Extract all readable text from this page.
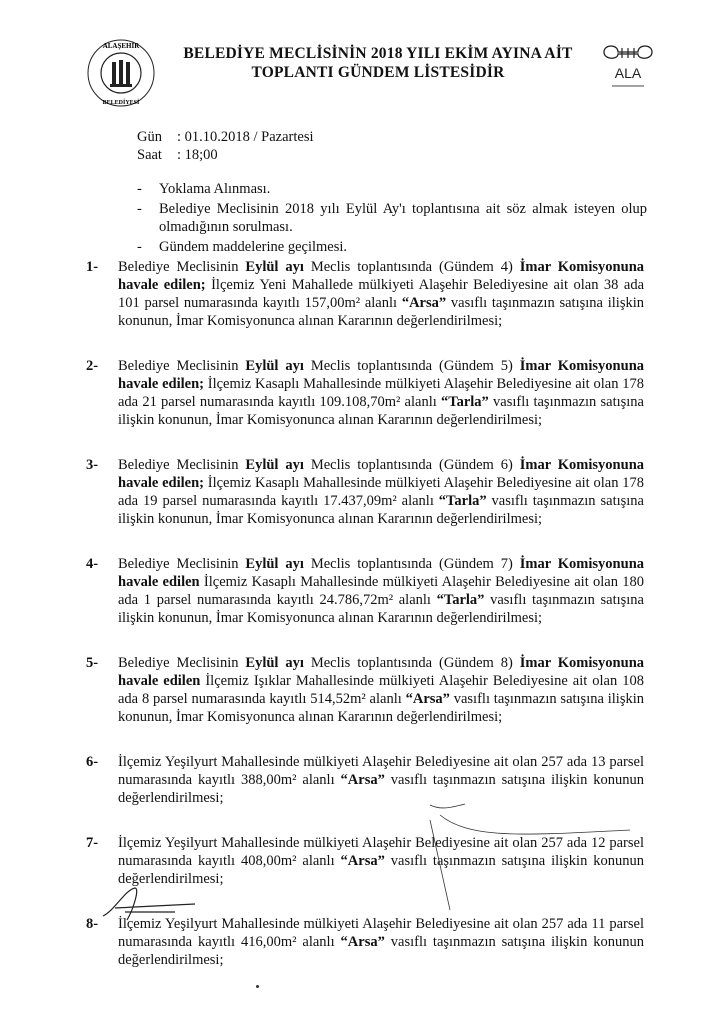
ALAŞEHİR
BELEDİYESİ
BELEDİYE MECLİSİNİN 2018 YILI EKİM AYINA AİT
TOPLANTI GÜNDEM LİSTESİDİR	ALA
Gün	: 01.10.2018 / Pazartesi
Saat	: 18;00
-	Yoklama Alınması.
-	Belediye Meclisinin 2018 yılı Eylül Ay'ı toplantısına ait söz almak isteyen olup olmadığının sorulması.
-	Gündem maddelerine geçilmesi.
1-	Belediye Meclisinin Eylül ayı Meclis toplantısında (Gündem 4) İmar Komisyonuna havale edilen; İlçemiz Yeni Mahallede mülkiyeti Alaşehir Belediyesine ait olan 38 ada 101 parsel numarasında kayıtlı 157,00m² alanlı “Arsa” vasıflı taşınmazın satışına ilişkin konunun, İmar Komisyonunca alınan Kararının değerlendirilmesi;
2-	Belediye Meclisinin Eylül ayı Meclis toplantısında (Gündem 5) İmar Komisyonuna havale edilen; İlçemiz Kasaplı Mahallesinde mülkiyeti Alaşehir Belediyesine ait olan 178 ada 21 parsel numarasında kayıtlı 109.108,70m² alanlı “Tarla” vasıflı taşınmazın satışına ilişkin konunun, İmar Komisyonunca alınan Kararının değerlendirilmesi;
3-	Belediye Meclisinin Eylül ayı Meclis toplantısında (Gündem 6) İmar Komisyonuna havale edilen; İlçemiz Kasaplı Mahallesinde mülkiyeti Alaşehir Belediyesine ait olan 178 ada 19 parsel numarasında kayıtlı 17.437,09m² alanlı “Tarla” vasıflı taşınmazın satışına ilişkin konunun, İmar Komisyonunca alınan Kararının değerlendirilmesi;
4-	Belediye Meclisinin Eylül ayı Meclis toplantısında (Gündem 7) İmar Komisyonuna havale edilen İlçemiz Kasaplı Mahallesinde mülkiyeti Alaşehir Belediyesine ait olan 180 ada 1 parsel numarasında kayıtlı 24.786,72m² alanlı “Tarla” vasıflı taşınmazın satışına ilişkin konunun, İmar Komisyonunca alınan Kararının değerlendirilmesi;
5-	Belediye Meclisinin Eylül ayı Meclis toplantısında (Gündem 8) İmar Komisyonuna havale edilen İlçemiz Işıklar Mahallesinde mülkiyeti Alaşehir Belediyesine ait olan 108 ada 8 parsel numarasında kayıtlı 514,52m² alanlı “Arsa” vasıflı taşınmazın satışına ilişkin konunun, İmar Komisyonunca alınan Kararının değerlendirilmesi;
6-	İlçemiz Yeşilyurt Mahallesinde mülkiyeti Alaşehir Belediyesine ait olan 257 ada 13 parsel numarasında kayıtlı 388,00m² alanlı “Arsa” vasıflı taşınmazın satışına ilişkin konunun değerlendirilmesi;
7-	İlçemiz Yeşilyurt Mahallesinde mülkiyeti Alaşehir Belediyesine ait olan 257 ada 12 parsel numarasında kayıtlı 408,00m² alanlı “Arsa” vasıflı taşınmazın satışına ilişkin konunun değerlendirilmesi;
8-	İlçemiz Yeşilyurt Mahallesinde mülkiyeti Alaşehir Belediyesine ait olan 257 ada 11 parsel numarasında kayıtlı 416,00m² alanlı “Arsa” vasıflı taşınmazın satışına ilişkin konunun değerlendirilmesi;
